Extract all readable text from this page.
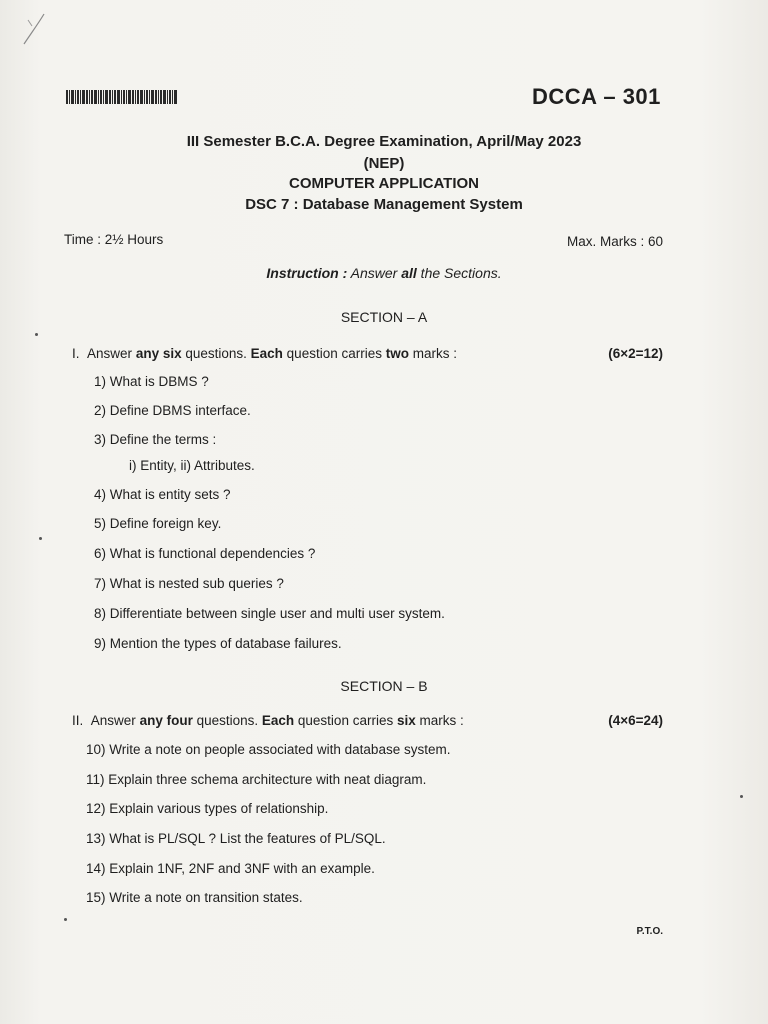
DCCA – 301
III Semester B.C.A. Degree Examination, April/May 2023
(NEP)
COMPUTER APPLICATION
DSC 7 : Database Management System
Time : 2½ Hours	Max. Marks : 60
Instruction : Answer all the Sections.
SECTION – A
I. Answer any six questions. Each question carries two marks :	(6×2=12)
1) What is DBMS ?
2) Define DBMS interface.
3) Define the terms :
i) Entity, ii) Attributes.
4) What is entity sets ?
5) Define foreign key.
6) What is functional dependencies ?
7) What is nested sub queries ?
8) Differentiate between single user and multi user system.
9) Mention the types of database failures.
SECTION – B
II. Answer any four questions. Each question carries six marks :	(4×6=24)
10) Write a note on people associated with database system.
11) Explain three schema architecture with neat diagram.
12) Explain various types of relationship.
13) What is PL/SQL ? List the features of PL/SQL.
14) Explain 1NF, 2NF and 3NF with an example.
15) Write a note on transition states.
P.T.O.
